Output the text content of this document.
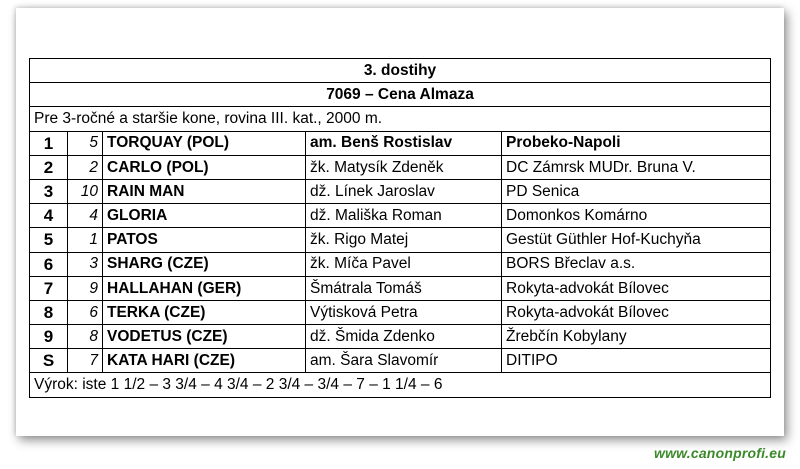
3. dostihy				
7069 – Cena Almaza				
Pre 3-ročné a staršie kone, rovina III. kat., 2000 m.				
1	5	TORQUAY (POL)	am. Benš Rostislav	Probeko-Napoli
2	2	CARLO (POL)	žk. Matysík Zdeněk	DC Zámrsk MUDr. Bruna V.
3	10	RAIN MAN	dž. Línek Jaroslav	PD Senica
4	4	GLORIA	dž. Mališka Roman	Domonkos Komárno
5	1	PATOS	žk. Rigo Matej	Gestüt Güthler Hof-Kuchyňa
6	3	SHARG (CZE)	žk. Míča Pavel	BORS Břeclav a.s.
7	9	HALLAHAN (GER)	Šmátrala Tomáš	Rokyta-advokát Bílovec
8	6	TERKA (CZE)	Výtisková Petra	Rokyta-advokát Bílovec
9	8	VODETUS (CZE)	dž. Šmida Zdenko	Žrebčín Kobylany
S	7	KATA HARI (CZE)	am. Šara Slavomír	DITIPO
Výrok: iste 1 1/2 – 3 3/4 – 4 3/4 – 2 3/4 – 3/4 – 7 – 1 1/4 – 6				
www.canonprofi.eu
